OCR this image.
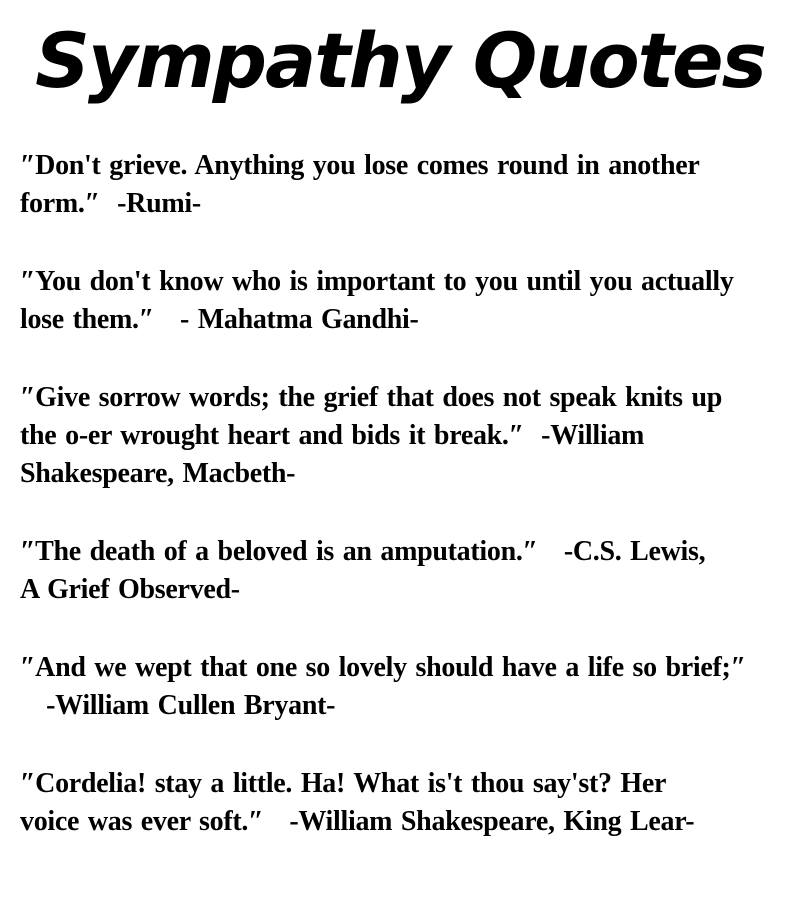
Sympathy Quotes

″Don't grieve. Anything you lose comes round in another
form.″  -Rumi-

″You don't know who is important to you until you actually
lose them.″   - Mahatma Gandhi-

″Give sorrow words; the grief that does not speak knits up
the o-er wrought heart and bids it break.″  -William
Shakespeare, Macbeth-

″The death of a beloved is an amputation.″   -C.S. Lewis,
A Grief Observed-

″And we wept that one so lovely should have a life so brief;″
-William Cullen Bryant-

″Cordelia! stay a little. Ha! What is't thou say'st? Her
voice was ever soft.″   -William Shakespeare, King Lear-
